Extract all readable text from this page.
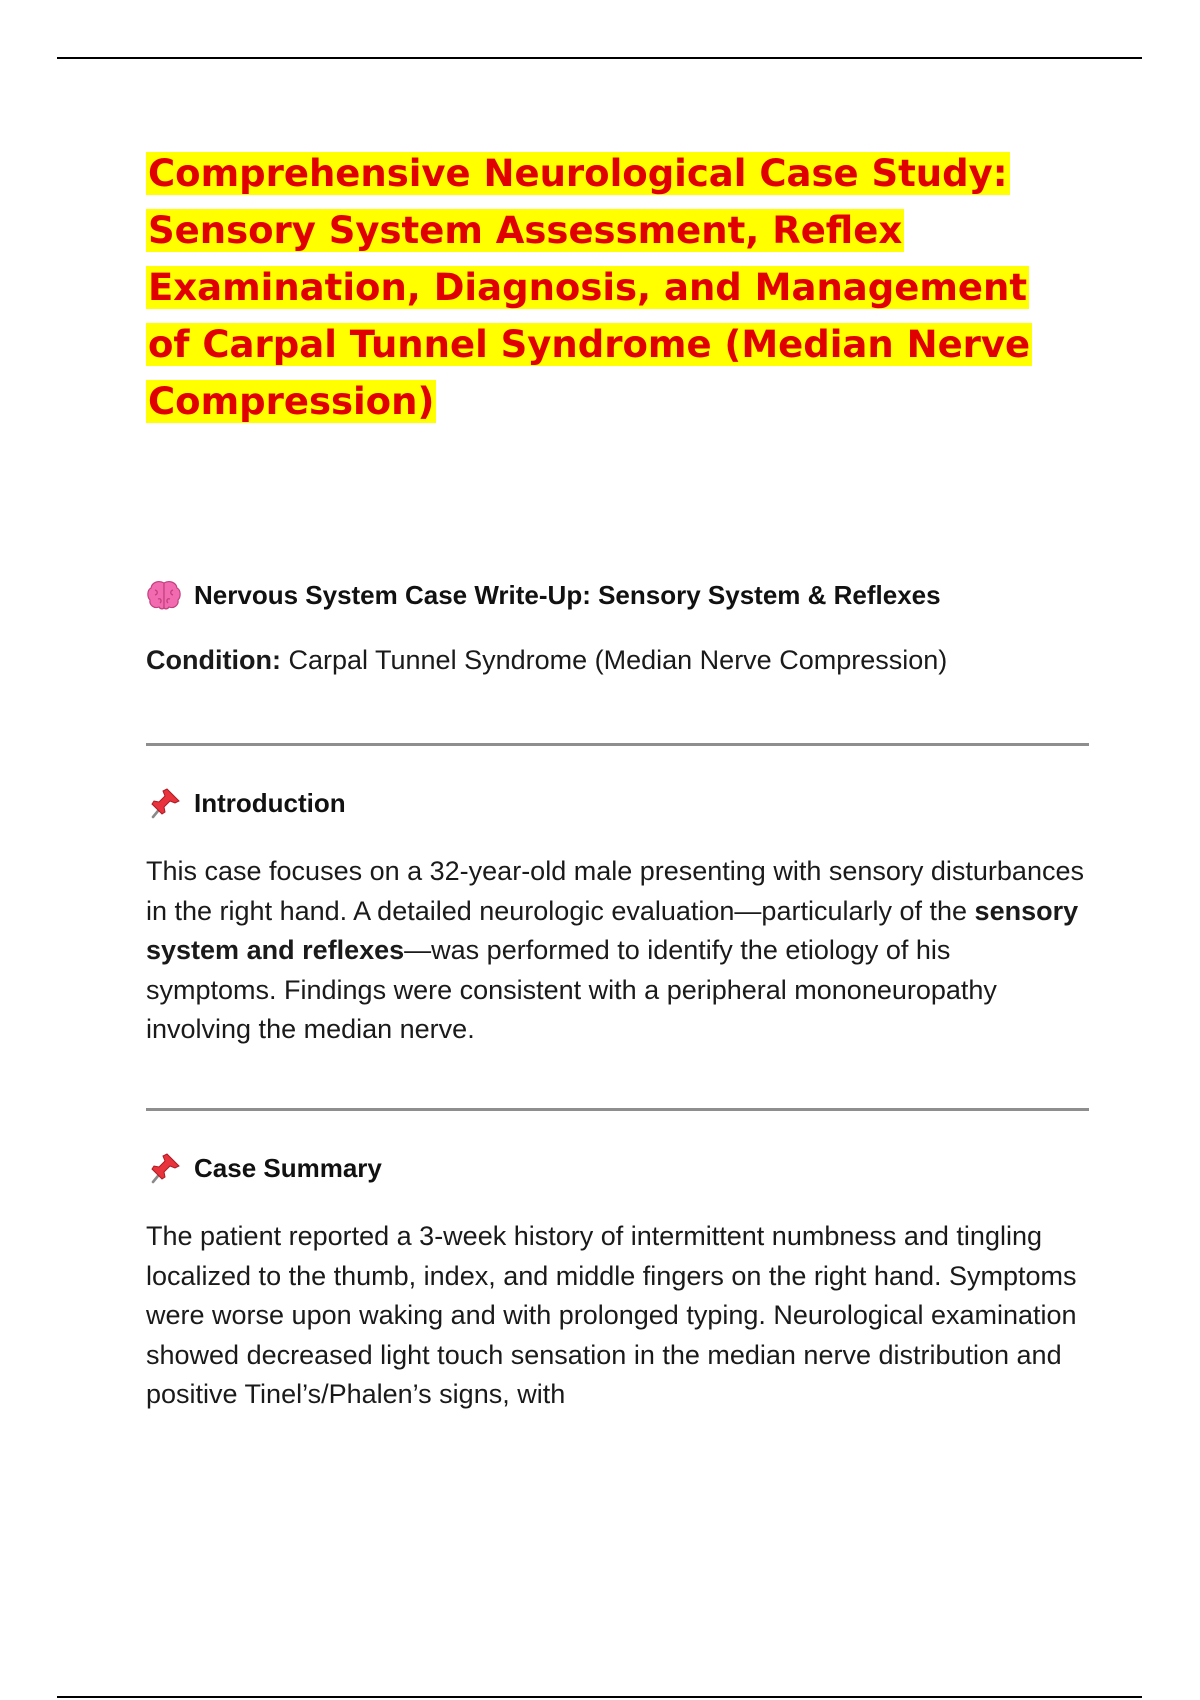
Comprehensive Neurological Case Study:
Sensory System Assessment, Reflex
Examination, Diagnosis, and Management
of Carpal Tunnel Syndrome (Median Nerve
Compression)
Nervous System Case Write-Up: Sensory System & Reflexes
Condition: Carpal Tunnel Syndrome (Median Nerve Compression)
Introduction

This case focuses on a 32-year-old male presenting with sensory disturbances in the right hand. A detailed neurologic evaluation—particularly of the sensory system and reflexes—was performed to identify the etiology of his symptoms. Findings were consistent with a peripheral mononeuropathy involving the median nerve.

Case Summary

The patient reported a 3-week history of intermittent numbness and tingling localized to the thumb, index, and middle fingers on the right hand. Symptoms were worse upon waking and with prolonged typing. Neurological examination showed decreased light touch sensation in the median nerve distribution and positive Tinel’s/Phalen’s signs, with
